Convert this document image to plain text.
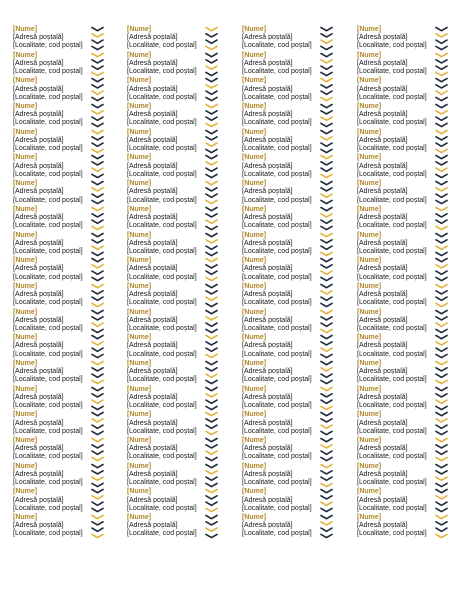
[Nume]
[Adresă poștală]
[Localitate, cod poștal]
[Nume]
[Adresă poștală]
[Localitate, cod poștal]
[Nume]
[Adresă poștală]
[Localitate, cod poștal]
[Nume]
[Adresă poștală]
[Localitate, cod poștal]
[Nume]
[Adresă poștală]
[Localitate, cod poștal]
[Nume]
[Adresă poștală]
[Localitate, cod poștal]
[Nume]
[Adresă poștală]
[Localitate, cod poștal]
[Nume]
[Adresă poștală]
[Localitate, cod poștal]
[Nume]
[Adresă poștală]
[Localitate, cod poștal]
[Nume]
[Adresă poștală]
[Localitate, cod poștal]
[Nume]
[Adresă poștală]
[Localitate, cod poștal]
[Nume]
[Adresă poștală]
[Localitate, cod poștal]
[Nume]
[Adresă poștală]
[Localitate, cod poștal]
[Nume]
[Adresă poștală]
[Localitate, cod poștal]
[Nume]
[Adresă poștală]
[Localitate, cod poștal]
[Nume]
[Adresă poștală]
[Localitate, cod poștal]
[Nume]
[Adresă poștală]
[Localitate, cod poștal]
[Nume]
[Adresă poștală]
[Localitate, cod poștal]
[Nume]
[Adresă poștală]
[Localitate, cod poștal]
[Nume]
[Adresă poștală]
[Localitate, cod poștal]
[Nume]
[Adresă poștală]
[Localitate, cod poștal]
[Nume]
[Adresă poștală]
[Localitate, cod poștal]
[Nume]
[Adresă poștală]
[Localitate, cod poștal]
[Nume]
[Adresă poștală]
[Localitate, cod poștal]
[Nume]
[Adresă poștală]
[Localitate, cod poștal]
[Nume]
[Adresă poștală]
[Localitate, cod poștal]
[Nume]
[Adresă poștală]
[Localitate, cod poștal]
[Nume]
[Adresă poștală]
[Localitate, cod poștal]
[Nume]
[Adresă poștală]
[Localitate, cod poștal]
[Nume]
[Adresă poștală]
[Localitate, cod poștal]
[Nume]
[Adresă poștală]
[Localitate, cod poștal]
[Nume]
[Adresă poștală]
[Localitate, cod poștal]
[Nume]
[Adresă poștală]
[Localitate, cod poștal]
[Nume]
[Adresă poștală]
[Localitate, cod poștal]
[Nume]
[Adresă poștală]
[Localitate, cod poștal]
[Nume]
[Adresă poștală]
[Localitate, cod poștal]
[Nume]
[Adresă poștală]
[Localitate, cod poștal]
[Nume]
[Adresă poștală]
[Localitate, cod poștal]
[Nume]
[Adresă poștală]
[Localitate, cod poștal]
[Nume]
[Adresă poștală]
[Localitate, cod poștal]
[Nume]
[Adresă poștală]
[Localitate, cod poștal]
[Nume]
[Adresă poștală]
[Localitate, cod poștal]
[Nume]
[Adresă poștală]
[Localitate, cod poștal]
[Nume]
[Adresă poștală]
[Localitate, cod poștal]
[Nume]
[Adresă poștală]
[Localitate, cod poștal]
[Nume]
[Adresă poștală]
[Localitate, cod poștal]
[Nume]
[Adresă poștală]
[Localitate, cod poștal]
[Nume]
[Adresă poștală]
[Localitate, cod poștal]
[Nume]
[Adresă poștală]
[Localitate, cod poștal]
[Nume]
[Adresă poștală]
[Localitate, cod poștal]
[Nume]
[Adresă poștală]
[Localitate, cod poștal]
[Nume]
[Adresă poștală]
[Localitate, cod poștal]
[Nume]
[Adresă poștală]
[Localitate, cod poștal]
[Nume]
[Adresă poștală]
[Localitate, cod poștal]
[Nume]
[Adresă poștală]
[Localitate, cod poștal]
[Nume]
[Adresă poștală]
[Localitate, cod poștal]
[Nume]
[Adresă poștală]
[Localitate, cod poștal]
[Nume]
[Adresă poștală]
[Localitate, cod poștal]
[Nume]
[Adresă poștală]
[Localitate, cod poștal]
[Nume]
[Adresă poștală]
[Localitate, cod poștal]
[Nume]
[Adresă poștală]
[Localitate, cod poștal]
[Nume]
[Adresă poștală]
[Localitate, cod poștal]
[Nume]
[Adresă poștală]
[Localitate, cod poștal]
[Nume]
[Adresă poștală]
[Localitate, cod poștal]
[Nume]
[Adresă poștală]
[Localitate, cod poștal]
[Nume]
[Adresă poștală]
[Localitate, cod poștal]
[Nume]
[Adresă poștală]
[Localitate, cod poștal]
[Nume]
[Adresă poștală]
[Localitate, cod poștal]
[Nume]
[Adresă poștală]
[Localitate, cod poștal]
[Nume]
[Adresă poștală]
[Localitate, cod poștal]
[Nume]
[Adresă poștală]
[Localitate, cod poștal]
[Nume]
[Adresă poștală]
[Localitate, cod poștal]
[Nume]
[Adresă poștală]
[Localitate, cod poștal]
[Nume]
[Adresă poștală]
[Localitate, cod poștal]
[Nume]
[Adresă poștală]
[Localitate, cod poștal]
[Nume]
[Adresă poștală]
[Localitate, cod poștal]
[Nume]
[Adresă poștală]
[Localitate, cod poștal]
[Nume]
[Adresă poștală]
[Localitate, cod poștal]
[Nume]
[Adresă poștală]
[Localitate, cod poștal]
[Nume]
[Adresă poștală]
[Localitate, cod poștal]
